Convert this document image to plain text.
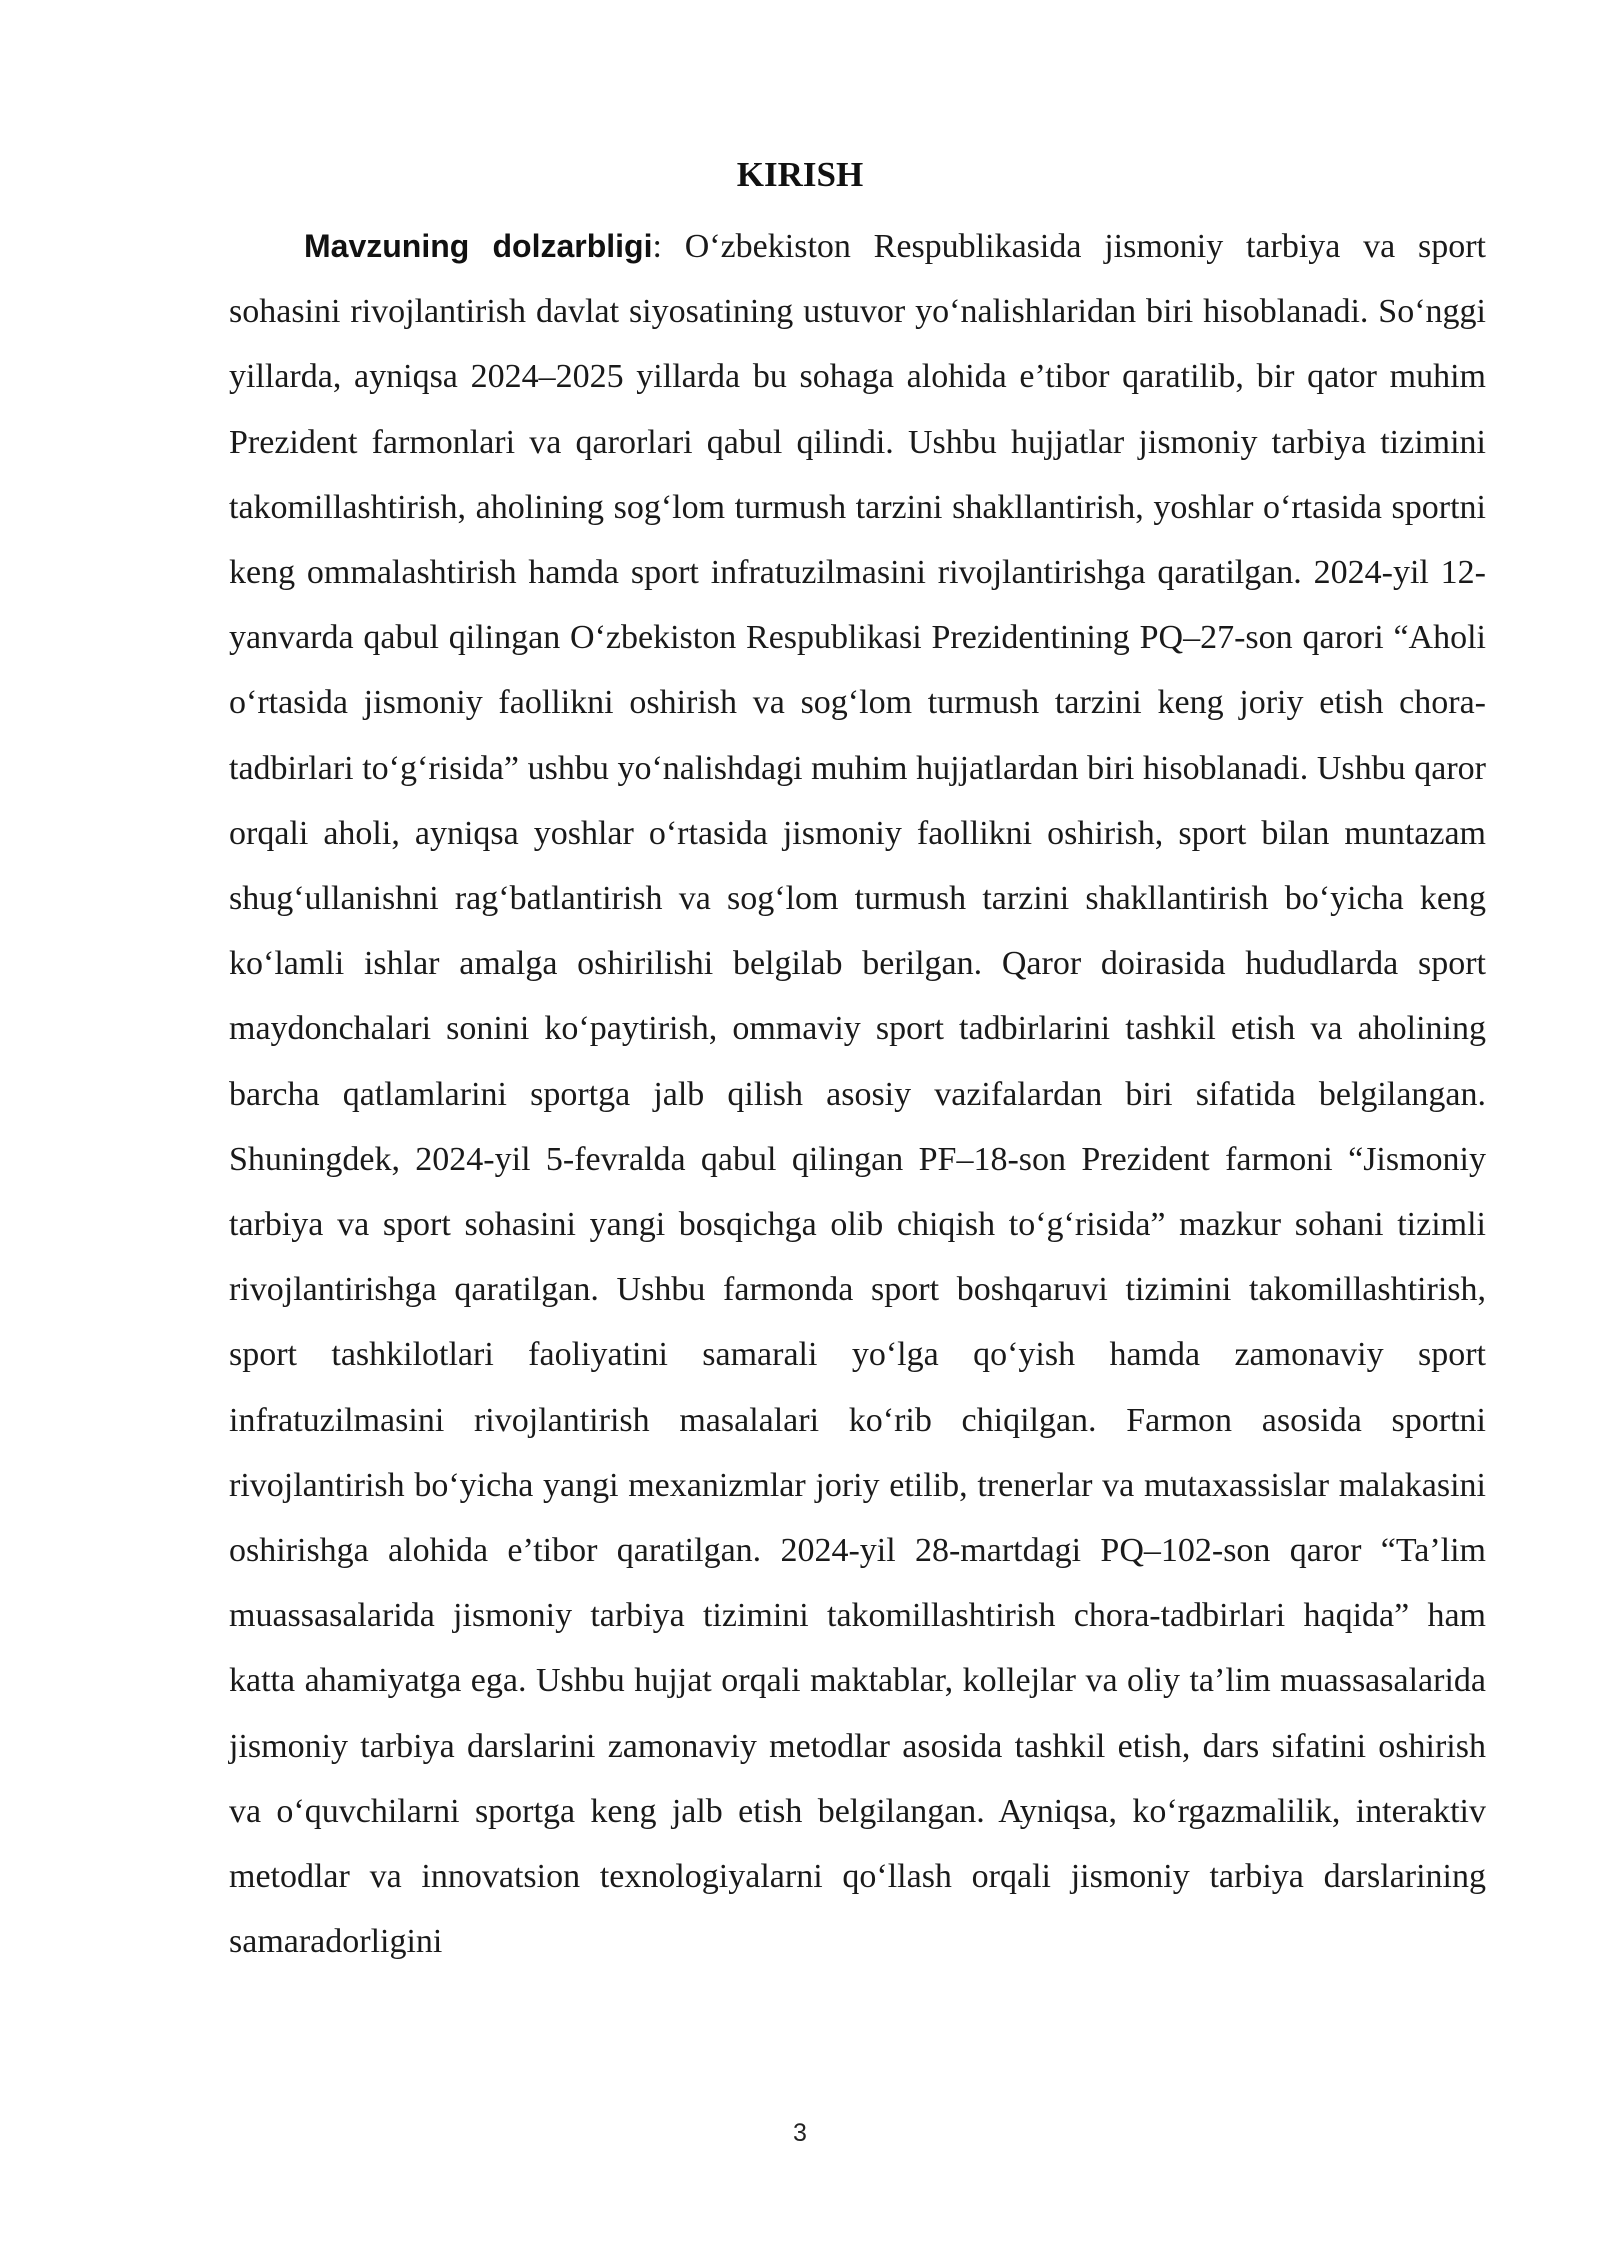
KIRISH

Mavzuning dolzarbligi: O‘zbekiston Respublikasida jismoniy tarbiya va sport sohasini rivojlantirish davlat siyosatining ustuvor yo‘nalishlaridan biri hisoblanadi. So‘nggi yillarda, ayniqsa 2024–2025 yillarda bu sohaga alohida e’tibor qaratilib, bir qator muhim Prezident farmonlari va qarorlari qabul qilindi. Ushbu hujjatlar jismoniy tarbiya tizimini takomillashtirish, aholining sog‘lom turmush tarzini shakllantirish, yoshlar o‘rtasida sportni keng ommalashtirish hamda sport infratuzilmasini rivojlantirishga qaratilgan. 2024-yil 12-yanvarda qabul qilingan O‘zbekiston Respublikasi Prezidentining PQ–27-son qarori “Aholi o‘rtasida jismoniy faollikni oshirish va sog‘lom turmush tarzini keng joriy etish chora-tadbirlari to‘g‘risida” ushbu yo‘nalishdagi muhim hujjatlardan biri hisoblanadi. Ushbu qaror orqali aholi, ayniqsa yoshlar o‘rtasida jismoniy faollikni oshirish, sport bilan muntazam shug‘ullanishni rag‘batlantirish va sog‘lom turmush tarzini shakllantirish bo‘yicha keng ko‘lamli ishlar amalga oshirilishi belgilab berilgan. Qaror doirasida hududlarda sport maydonchalari sonini ko‘paytirish, ommaviy sport tadbirlarini tashkil etish va aholining barcha qatlamlarini sportga jalb qilish asosiy vazifalardan biri sifatida belgilangan. Shuningdek, 2024-yil 5-fevralda qabul qilingan PF–18-son Prezident farmoni “Jismoniy tarbiya va sport sohasini yangi bosqichga olib chiqish to‘g‘risida” mazkur sohani tizimli rivojlantirishga qaratilgan. Ushbu farmonda sport boshqaruvi tizimini takomillashtirish, sport tashkilotlari faoliyatini samarali yo‘lga qo‘yish hamda zamonaviy sport infratuzilmasini rivojlantirish masalalari ko‘rib chiqilgan. Farmon asosida sportni rivojlantirish bo‘yicha yangi mexanizmlar joriy etilib, trenerlar va mutaxassislar malakasini oshirishga alohida e’tibor qaratilgan. 2024-yil 28-martdagi PQ–102-son qaror “Ta’lim muassasalarida jismoniy tarbiya tizimini takomillashtirish chora-tadbirlari haqida” ham katta ahamiyatga ega. Ushbu hujjat orqali maktablar, kollejlar va oliy ta’lim muassasalarida jismoniy tarbiya darslarini zamonaviy metodlar asosida tashkil etish, dars sifatini oshirish va o‘quvchilarni sportga keng jalb etish belgilangan. Ayniqsa, ko‘rgazmalilik, interaktiv metodlar va innovatsion texnologiyalarni qo‘llash orqali jismoniy tarbiya darslarining samaradorligini

3
